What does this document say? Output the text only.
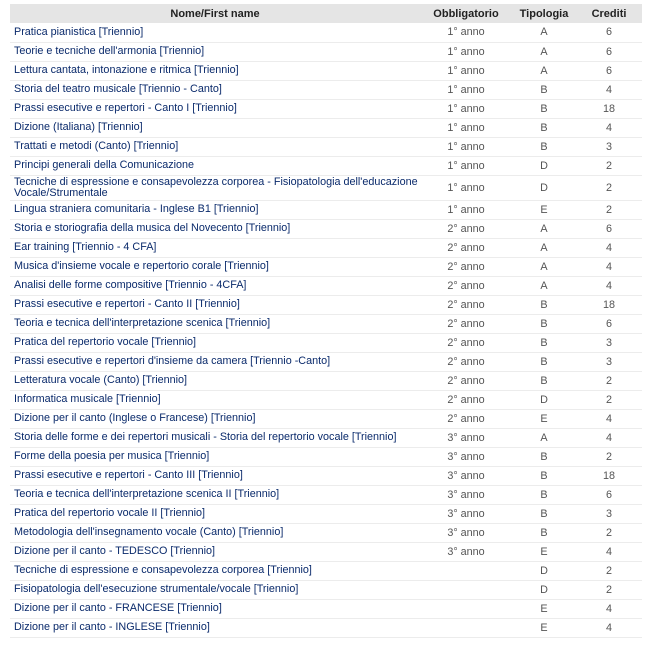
Nome/First name	Obbligatorio	Tipologia	Crediti
Pratica pianistica [Triennio]	1° anno	A	6
Teorie e tecniche dell'armonia [Triennio]	1° anno	A	6
Lettura cantata, intonazione e ritmica [Triennio]	1° anno	A	6
Storia del teatro musicale [Triennio - Canto]	1° anno	B	4
Prassi esecutive e repertori - Canto I [Triennio]	1° anno	B	18
Dizione (Italiana) [Triennio]	1° anno	B	4
Trattati e metodi (Canto) [Triennio]	1° anno	B	3
Principi generali della Comunicazione	1° anno	D	2
Tecniche di espressione e consapevolezza corporea - Fisiopatologia dell'educazione Vocale/Strumentale	1° anno	D	2
Lingua straniera comunitaria - Inglese B1 [Triennio]	1° anno	E	2
Storia e storiografia della musica del Novecento [Triennio]	2° anno	A	6
Ear training [Triennio - 4 CFA]	2° anno	A	4
Musica d'insieme vocale e repertorio corale [Triennio]	2° anno	A	4
Analisi delle forme compositive [Triennio - 4CFA]	2° anno	A	4
Prassi esecutive e repertori - Canto II [Triennio]	2° anno	B	18
Teoria e tecnica dell'interpretazione scenica [Triennio]	2° anno	B	6
Pratica del repertorio vocale [Triennio]	2° anno	B	3
Prassi esecutive e repertori d'insieme da camera [Triennio -Canto]	2° anno	B	3
Letteratura vocale (Canto) [Triennio]	2° anno	B	2
Informatica musicale [Triennio]	2° anno	D	2
Dizione per il canto (Inglese o Francese) [Triennio]	2° anno	E	4
Storia delle forme e dei repertori musicali - Storia del repertorio vocale [Triennio]	3° anno	A	4
Forme della poesia per musica [Triennio]	3° anno	B	2
Prassi esecutive e repertori - Canto III [Triennio]	3° anno	B	18
Teoria e tecnica dell'interpretazione scenica II [Triennio]	3° anno	B	6
Pratica del repertorio vocale II [Triennio]	3° anno	B	3
Metodologia dell'insegnamento vocale (Canto) [Triennio]	3° anno	B	2
Dizione per il canto - TEDESCO [Triennio]	3° anno	E	4
Tecniche di espressione e consapevolezza corporea [Triennio]		D	2
Fisiopatologia dell'esecuzione strumentale/vocale [Triennio]		D	2
Dizione per il canto - FRANCESE [Triennio]		E	4
Dizione per il canto - INGLESE [Triennio]		E	4
